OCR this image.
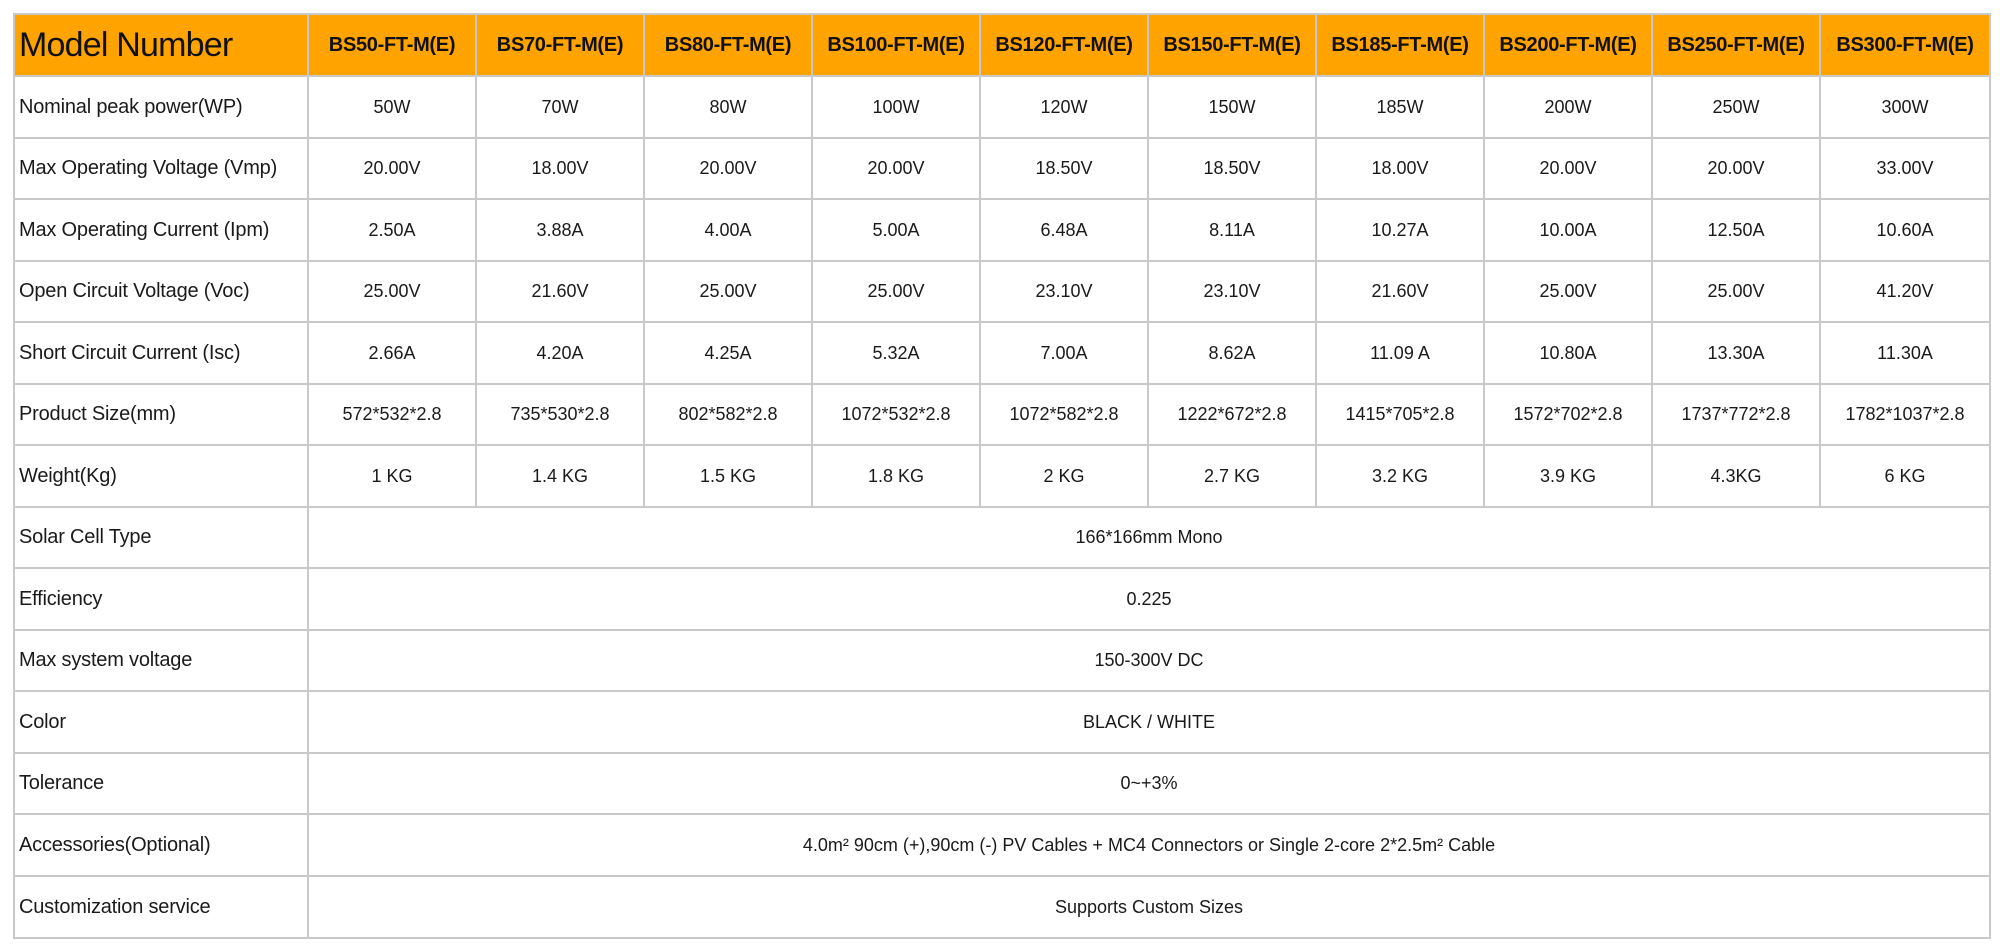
Model Number	BS50-FT-M(E)	BS70-FT-M(E)	BS80-FT-M(E)	BS100-FT-M(E)	BS120-FT-M(E)	BS150-FT-M(E)	BS185-FT-M(E)	BS200-FT-M(E)	BS250-FT-M(E)	BS300-FT-M(E)
Nominal peak power(WP)	50W	70W	80W	100W	120W	150W	185W	200W	250W	300W
Max Operating Voltage (Vmp)	20.00V	18.00V	20.00V	20.00V	18.50V	18.50V	18.00V	20.00V	20.00V	33.00V
Max Operating Current (Ipm)	2.50A	3.88A	4.00A	5.00A	6.48A	8.11A	10.27A	10.00A	12.50A	10.60A
Open Circuit Voltage (Voc)	25.00V	21.60V	25.00V	25.00V	23.10V	23.10V	21.60V	25.00V	25.00V	41.20V
Short Circuit Current (Isc)	2.66A	4.20A	4.25A	5.32A	7.00A	8.62A	11.09 A	10.80A	13.30A	11.30A
Product Size(mm)	572*532*2.8	735*530*2.8	802*582*2.8	1072*532*2.8	1072*582*2.8	1222*672*2.8	1415*705*2.8	1572*702*2.8	1737*772*2.8	1782*1037*2.8
Weight(Kg)	1 KG	1.4 KG	1.5 KG	1.8 KG	2 KG	2.7 KG	3.2 KG	3.9 KG	4.3KG	6 KG
Solar Cell Type	166*166mm Mono									
Efficiency	0.225									
Max system voltage	150-300V DC									
Color	BLACK / WHITE									
Tolerance	0~+3%									
Accessories(Optional)	4.0m² 90cm (+),90cm (-) PV Cables + MC4 Connectors or Single 2-core 2*2.5m² Cable									
Customization service	Supports Custom Sizes									
